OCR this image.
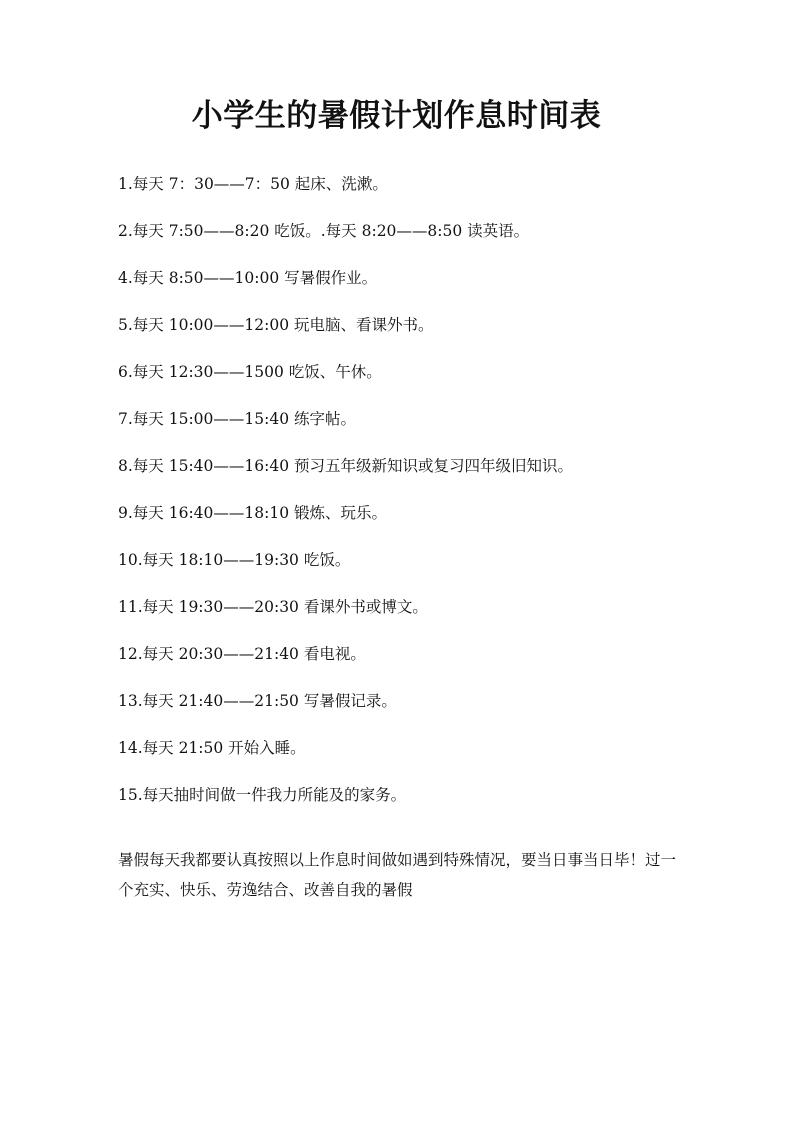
小学生的暑假计划作息时间表
1.每天 7：30——7：50 起床、洗漱。
2.每天 7:50——8:20 吃饭。.每天 8:20——8:50 读英语。
4.每天 8:50——10:00 写暑假作业。
5.每天 10:00——12:00 玩电脑、看课外书。
6.每天 12:30——1500 吃饭、午休。
7.每天 15:00——15:40 练字帖。
8.每天 15:40——16:40 预习五年级新知识或复习四年级旧知识。
9.每天 16:40——18:10 锻炼、玩乐。
10.每天 18:10——19:30 吃饭。
11.每天 19:30——20:30 看课外书或博文。
12.每天 20:30——21:40 看电视。
13.每天 21:40——21:50 写暑假记录。
14.每天 21:50 开始入睡。
15.每天抽时间做一件我力所能及的家务。

暑假每天我都要认真按照以上作息时间做如遇到特殊情况，要当日事当日毕！过一个充实、快乐、劳逸结合、改善自我的暑假
